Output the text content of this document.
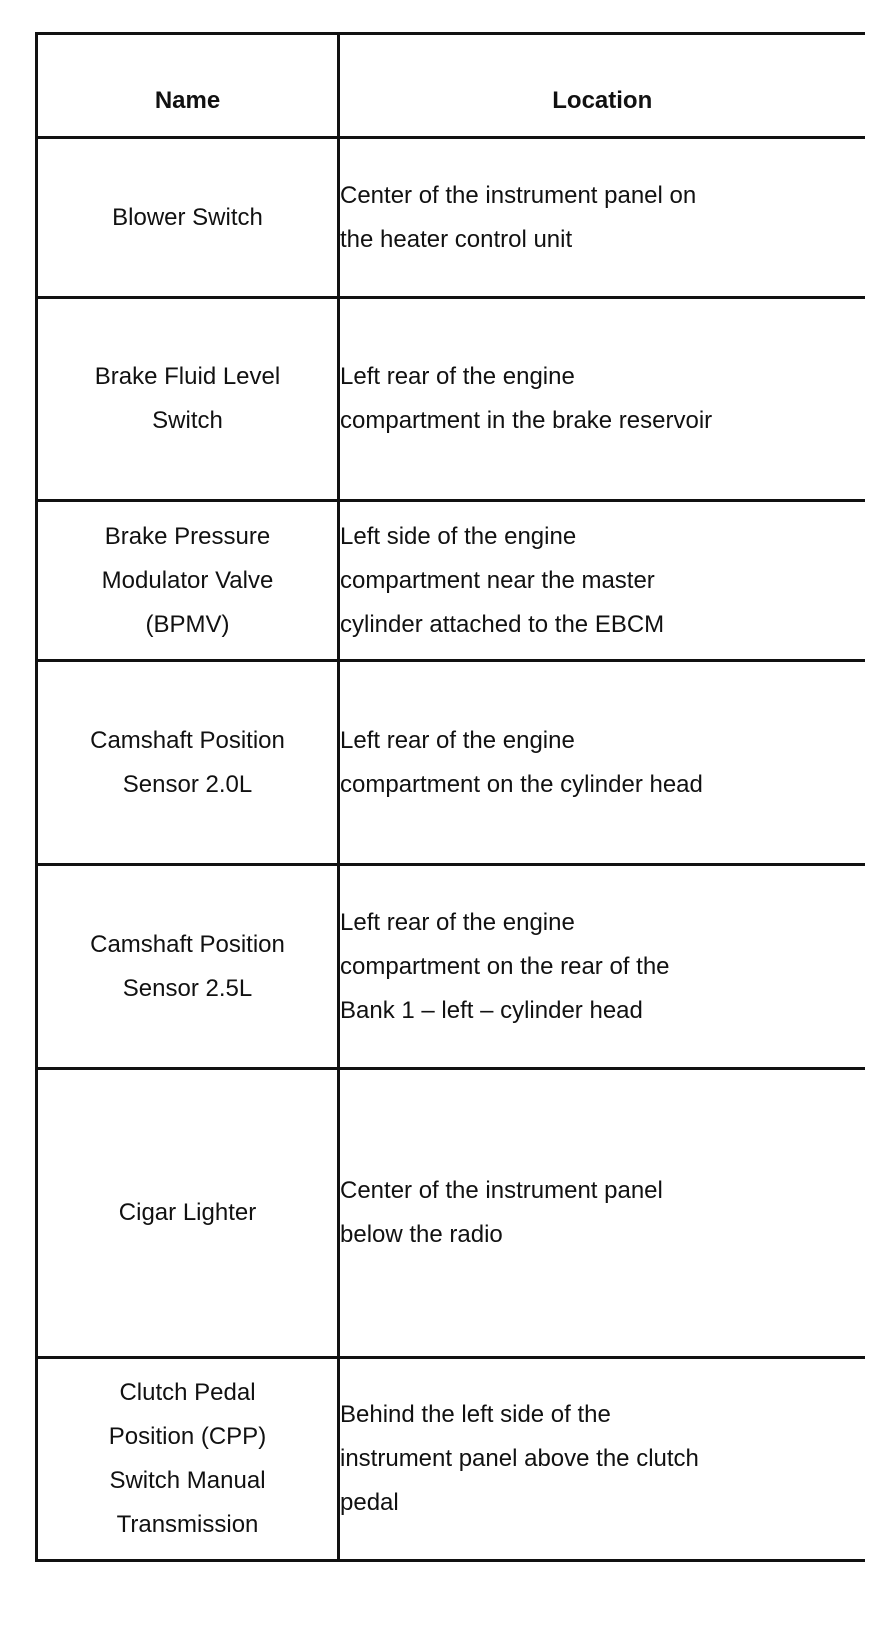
Name	Location

Blower Switch	Center of the instrument panel on
the heater control unit

Brake Fluid Level
Switch	Left rear of the engine
compartment in the brake reservoir

Brake Pressure
Modulator Valve
(BPMV)	Left side of the engine
compartment near the master
cylinder attached to the EBCM

Camshaft Position
Sensor 2.0L	Left rear of the engine
compartment on the cylinder head

Camshaft Position
Sensor 2.5L	Left rear of the engine
compartment on the rear of the
Bank 1 – left – cylinder head

Cigar Lighter	Center of the instrument panel
below the radio

Clutch Pedal
Position (CPP)
Switch Manual
Transmission	Behind the left side of the
instrument panel above the clutch
pedal
